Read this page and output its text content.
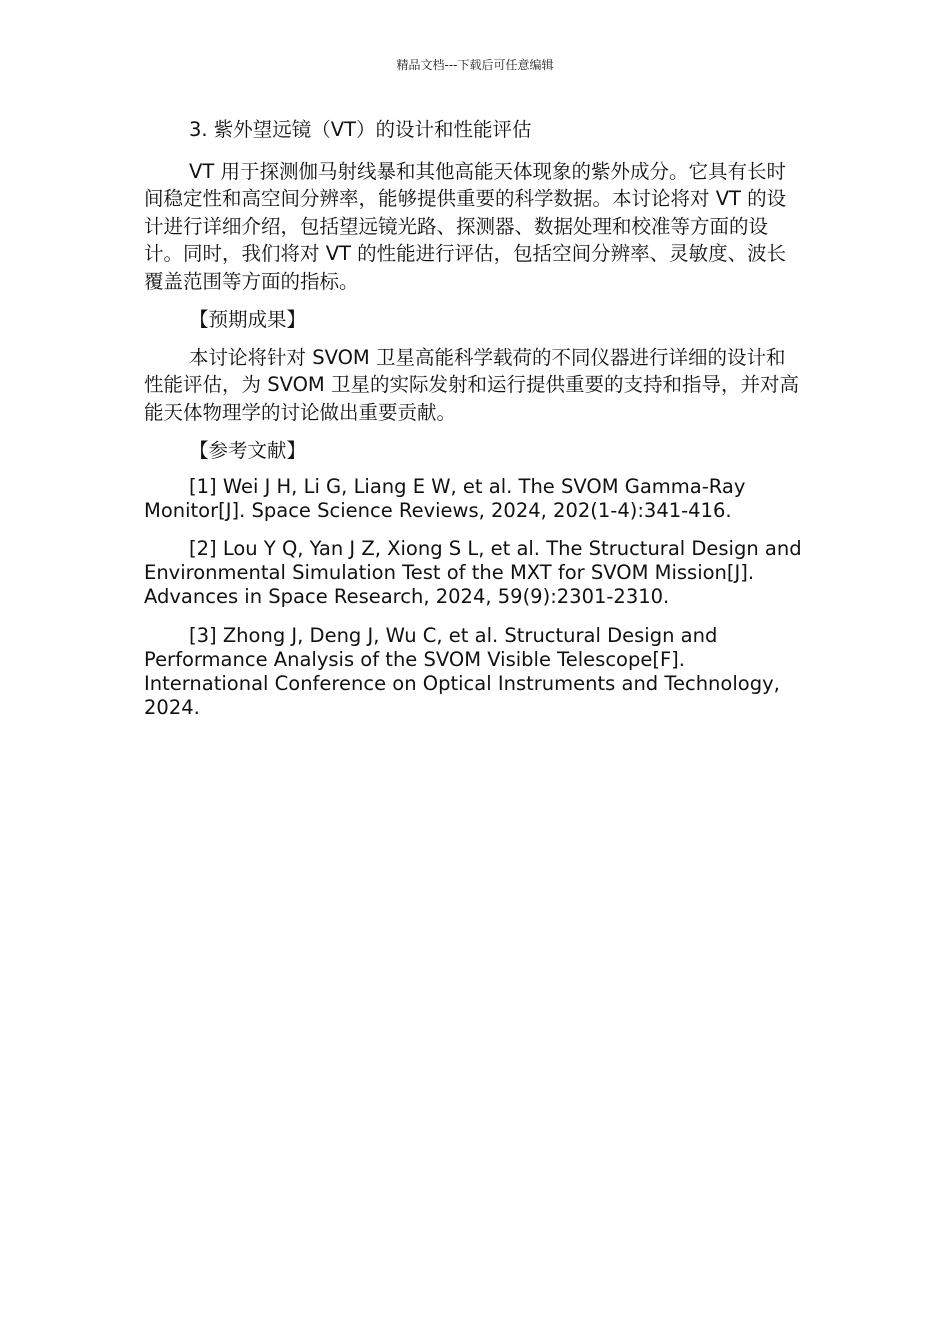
精品文档---下载后可任意编辑

3. 紫外望远镜（VT）的设计和性能评估

VT 用于探测伽马射线暴和其他高能天体现象的紫外成分。它具有长时间稳定性和高空间分辨率，能够提供重要的科学数据。本讨论将对 VT 的设计进行详细介绍，包括望远镜光路、探测器、数据处理和校准等方面的设计。同时，我们将对 VT 的性能进行评估，包括空间分辨率、灵敏度、波长覆盖范围等方面的指标。

【预期成果】

本讨论将针对 SVOM 卫星高能科学载荷的不同仪器进行详细的设计和性能评估，为 SVOM 卫星的实际发射和运行提供重要的支持和指导，并对高能天体物理学的讨论做出重要贡献。

【参考文献】

[1] Wei J H, Li G, Liang E W, et al. The SVOM Gamma-Ray Monitor[J]. Space Science Reviews, 2024, 202(1-4):341-416.

[2] Lou Y Q, Yan J Z, Xiong S L, et al. The Structural Design and Environmental Simulation Test of the MXT for SVOM Mission[J]. Advances in Space Research, 2024, 59(9):2301-2310.

[3] Zhong J, Deng J, Wu C, et al. Structural Design and Performance Analysis of the SVOM Visible Telescope[F]. International Conference on Optical Instruments and Technology, 2024.
